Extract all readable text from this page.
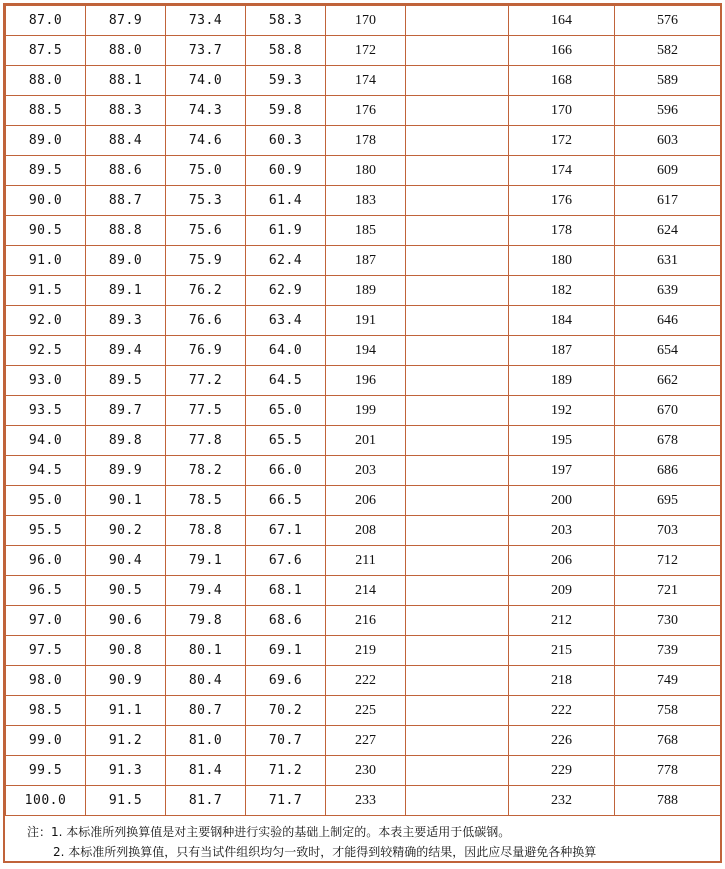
87.0	87.9	73.4	58.3	170		164	576
87.5	88.0	73.7	58.8	172		166	582
88.0	88.1	74.0	59.3	174		168	589
88.5	88.3	74.3	59.8	176		170	596
89.0	88.4	74.6	60.3	178		172	603
89.5	88.6	75.0	60.9	180		174	609
90.0	88.7	75.3	61.4	183		176	617
90.5	88.8	75.6	61.9	185		178	624
91.0	89.0	75.9	62.4	187		180	631
91.5	89.1	76.2	62.9	189		182	639
92.0	89.3	76.6	63.4	191		184	646
92.5	89.4	76.9	64.0	194		187	654
93.0	89.5	77.2	64.5	196		189	662
93.5	89.7	77.5	65.0	199		192	670
94.0	89.8	77.8	65.5	201		195	678
94.5	89.9	78.2	66.0	203		197	686
95.0	90.1	78.5	66.5	206		200	695
95.5	90.2	78.8	67.1	208		203	703
96.0	90.4	79.1	67.6	211		206	712
96.5	90.5	79.4	68.1	214		209	721
97.0	90.6	79.8	68.6	216		212	730
97.5	90.8	80.1	69.1	219		215	739
98.0	90.9	80.4	69.6	222		218	749
98.5	91.1	80.7	70.2	225		222	758
99.0	91.2	81.0	70.7	227		226	768
99.5	91.3	81.4	71.2	230		229	778
100.0	91.5	81.7	71.7	233		232	788
注：1. 本标准所列换算值是对主要钢种进行实验的基础上制定的。本表主要适用于低碳钢。
2. 本标准所列换算值，只有当试件组织均匀一致时，才能得到较精确的结果，因此应尽量避免各种换算
